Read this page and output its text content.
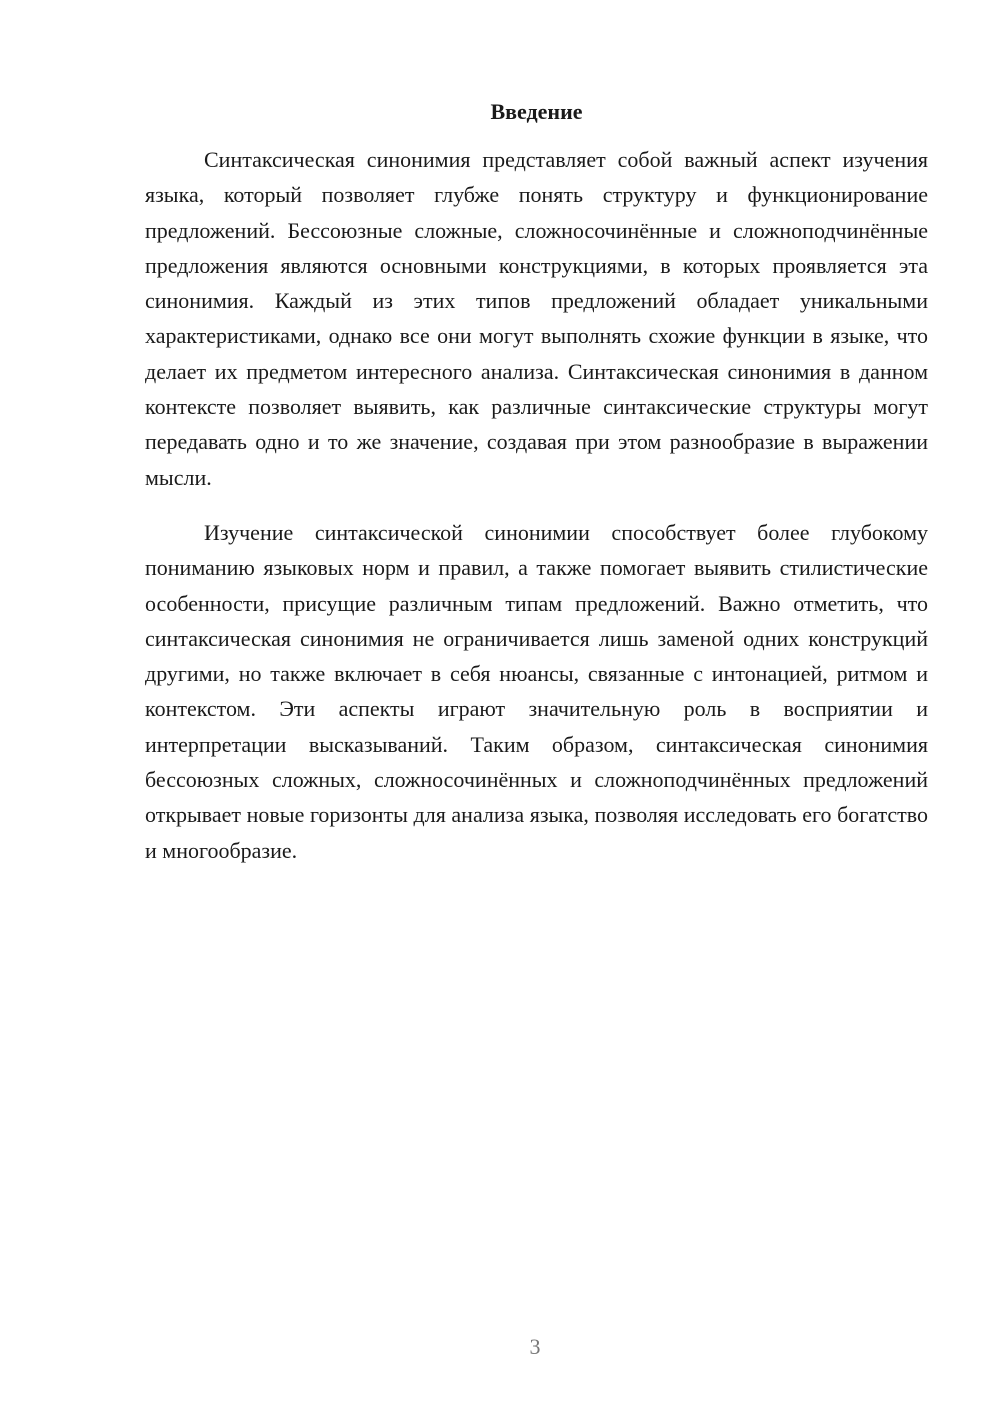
Введение

Синтаксическая синонимия представляет собой важный аспект изучения языка, который позволяет глубже понять структуру и функционирование предложений. Бессоюзные сложные, сложносочинённые и сложноподчинённые предложения являются основными конструкциями, в которых проявляется эта синонимия. Каждый из этих типов предложений обладает уникальными характеристиками, однако все они могут выполнять схожие функции в языке, что делает их предметом интересного анализа. Синтаксическая синонимия в данном контексте позволяет выявить, как различные синтаксические структуры могут передавать одно и то же значение, создавая при этом разнообразие в выражении мысли.

Изучение синтаксической синонимии способствует более глубокому пониманию языковых норм и правил, а также помогает выявить стилистические особенности, присущие различным типам предложений. Важно отметить, что синтаксическая синонимия не ограничивается лишь заменой одних конструкций другими, но также включает в себя нюансы, связанные с интонацией, ритмом и контекстом. Эти аспекты играют значительную роль в восприятии и интерпретации высказываний. Таким образом, синтаксическая синонимия бессоюзных сложных, сложносочинённых и сложноподчинённых предложений открывает новые горизонты для анализа языка, позволяя исследовать его богатство и многообразие.

3
